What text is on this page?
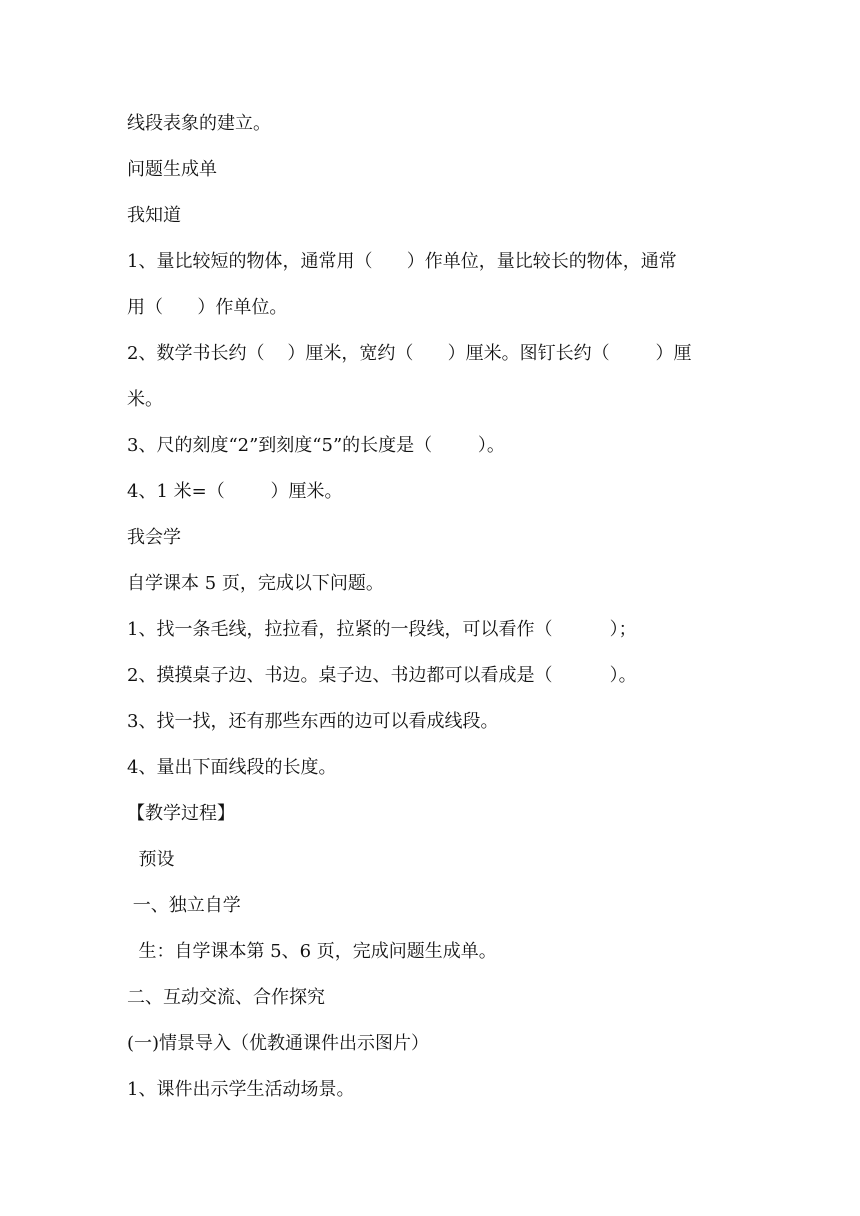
线段表象的建立。

问题生成单

我知道

1、量比较短的物体，通常用（      ）作单位，量比较长的物体，通常

用（      ）作单位。

2、数学书长约（    ）厘米，宽约（      ）厘米。图钉长约（        ）厘

米。

3、尺的刻度“2”到刻度“5”的长度是（        ）。

4、1 米=（        ）厘米。

我会学

自学课本 5 页，完成以下问题。

1、找一条毛线，拉拉看，拉紧的一段线，可以看作（          ）；

2、摸摸桌子边、书边。桌子边、书边都可以看成是（          ）。

3、找一找，还有那些东西的边可以看成线段。

4、量出下面线段的长度。

【教学过程】

预设

一、独立自学

生：自学课本第 5、6 页，完成问题生成单。

二、互动交流、合作探究

(一)情景导入（优教通课件出示图片）

1、课件出示学生活动场景。
